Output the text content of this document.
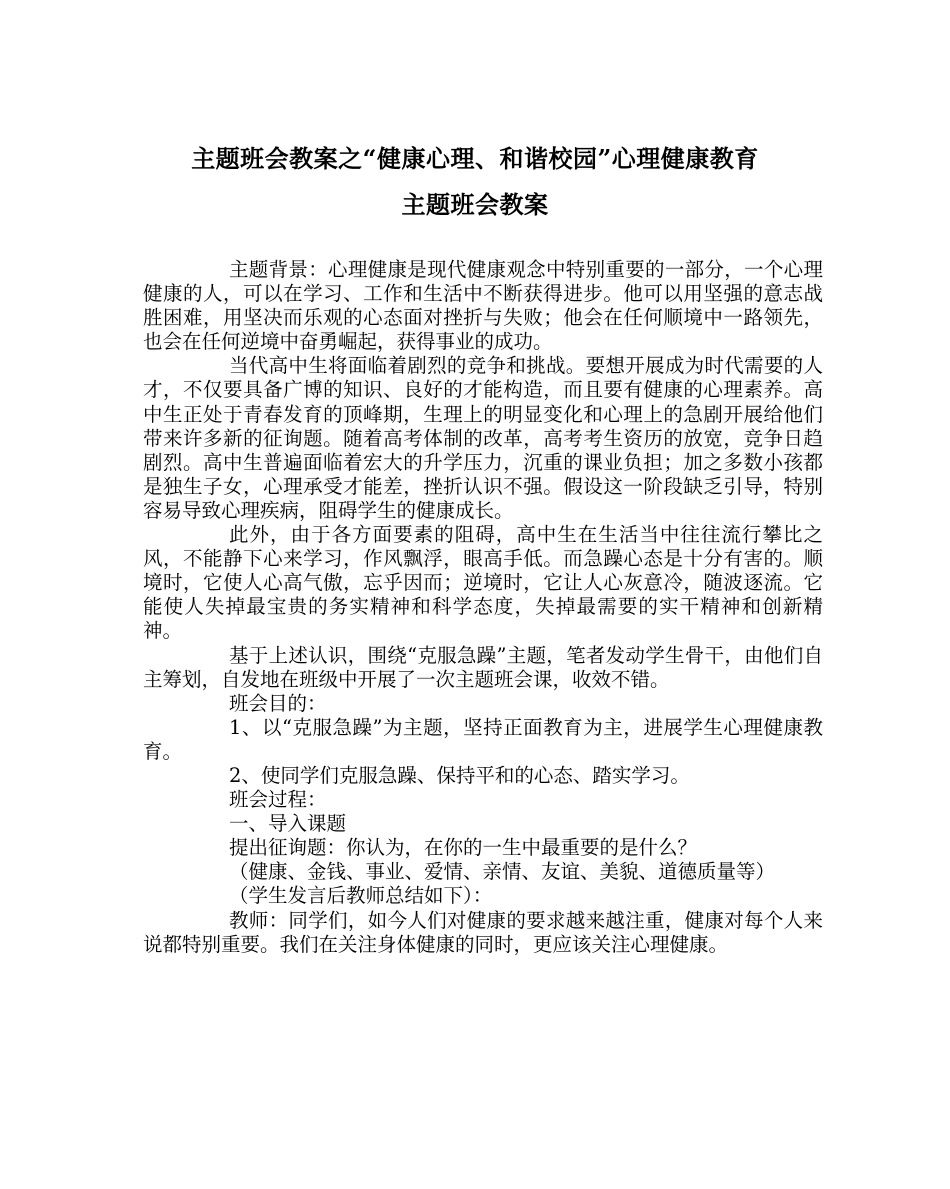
主题班会教案之“健康心理、和谐校园”心理健康教育
主题班会教案

主题背景：心理健康是现代健康观念中特别重要的一部分，一个心理健康的人，可以在学习、工作和生活中不断获得进步。他可以用坚强的意志战胜困难，用坚决而乐观的心态面对挫折与失败；他会在任何顺境中一路领先，也会在任何逆境中奋勇崛起，获得事业的成功。

当代高中生将面临着剧烈的竞争和挑战。要想开展成为时代需要的人才，不仅要具备广博的知识、良好的才能构造，而且要有健康的心理素养。高中生正处于青春发育的顶峰期，生理上的明显变化和心理上的急剧开展给他们带来许多新的征询题。随着高考体制的改革，高考考生资历的放宽，竞争日趋剧烈。高中生普遍面临着宏大的升学压力，沉重的课业负担；加之多数小孩都是独生子女，心理承受才能差，挫折认识不强。假设这一阶段缺乏引导，特别容易导致心理疾病，阻碍学生的健康成长。

此外，由于各方面要素的阻碍，高中生在生活当中往往流行攀比之风，不能静下心来学习，作风飘浮，眼高手低。而急躁心态是十分有害的。顺境时，它使人心高气傲，忘乎因而；逆境时，它让人心灰意冷，随波逐流。它能使人失掉最宝贵的务实精神和科学态度，失掉最需要的实干精神和创新精神。

基于上述认识，围绕“克服急躁”主题，笔者发动学生骨干，由他们自主筹划，自发地在班级中开展了一次主题班会课，收效不错。

班会目的：

1、以“克服急躁”为主题，坚持正面教育为主，进展学生心理健康教育。

2、使同学们克服急躁、保持平和的心态、踏实学习。

班会过程：

一、导入课题

提出征询题：你认为，在你的一生中最重要的是什么？

（健康、金钱、事业、爱情、亲情、友谊、美貌、道德质量等）

（学生发言后教师总结如下）：

教师：同学们，如今人们对健康的要求越来越注重，健康对每个人来说都特别重要。我们在关注身体健康的同时，更应该关注心理健康。
